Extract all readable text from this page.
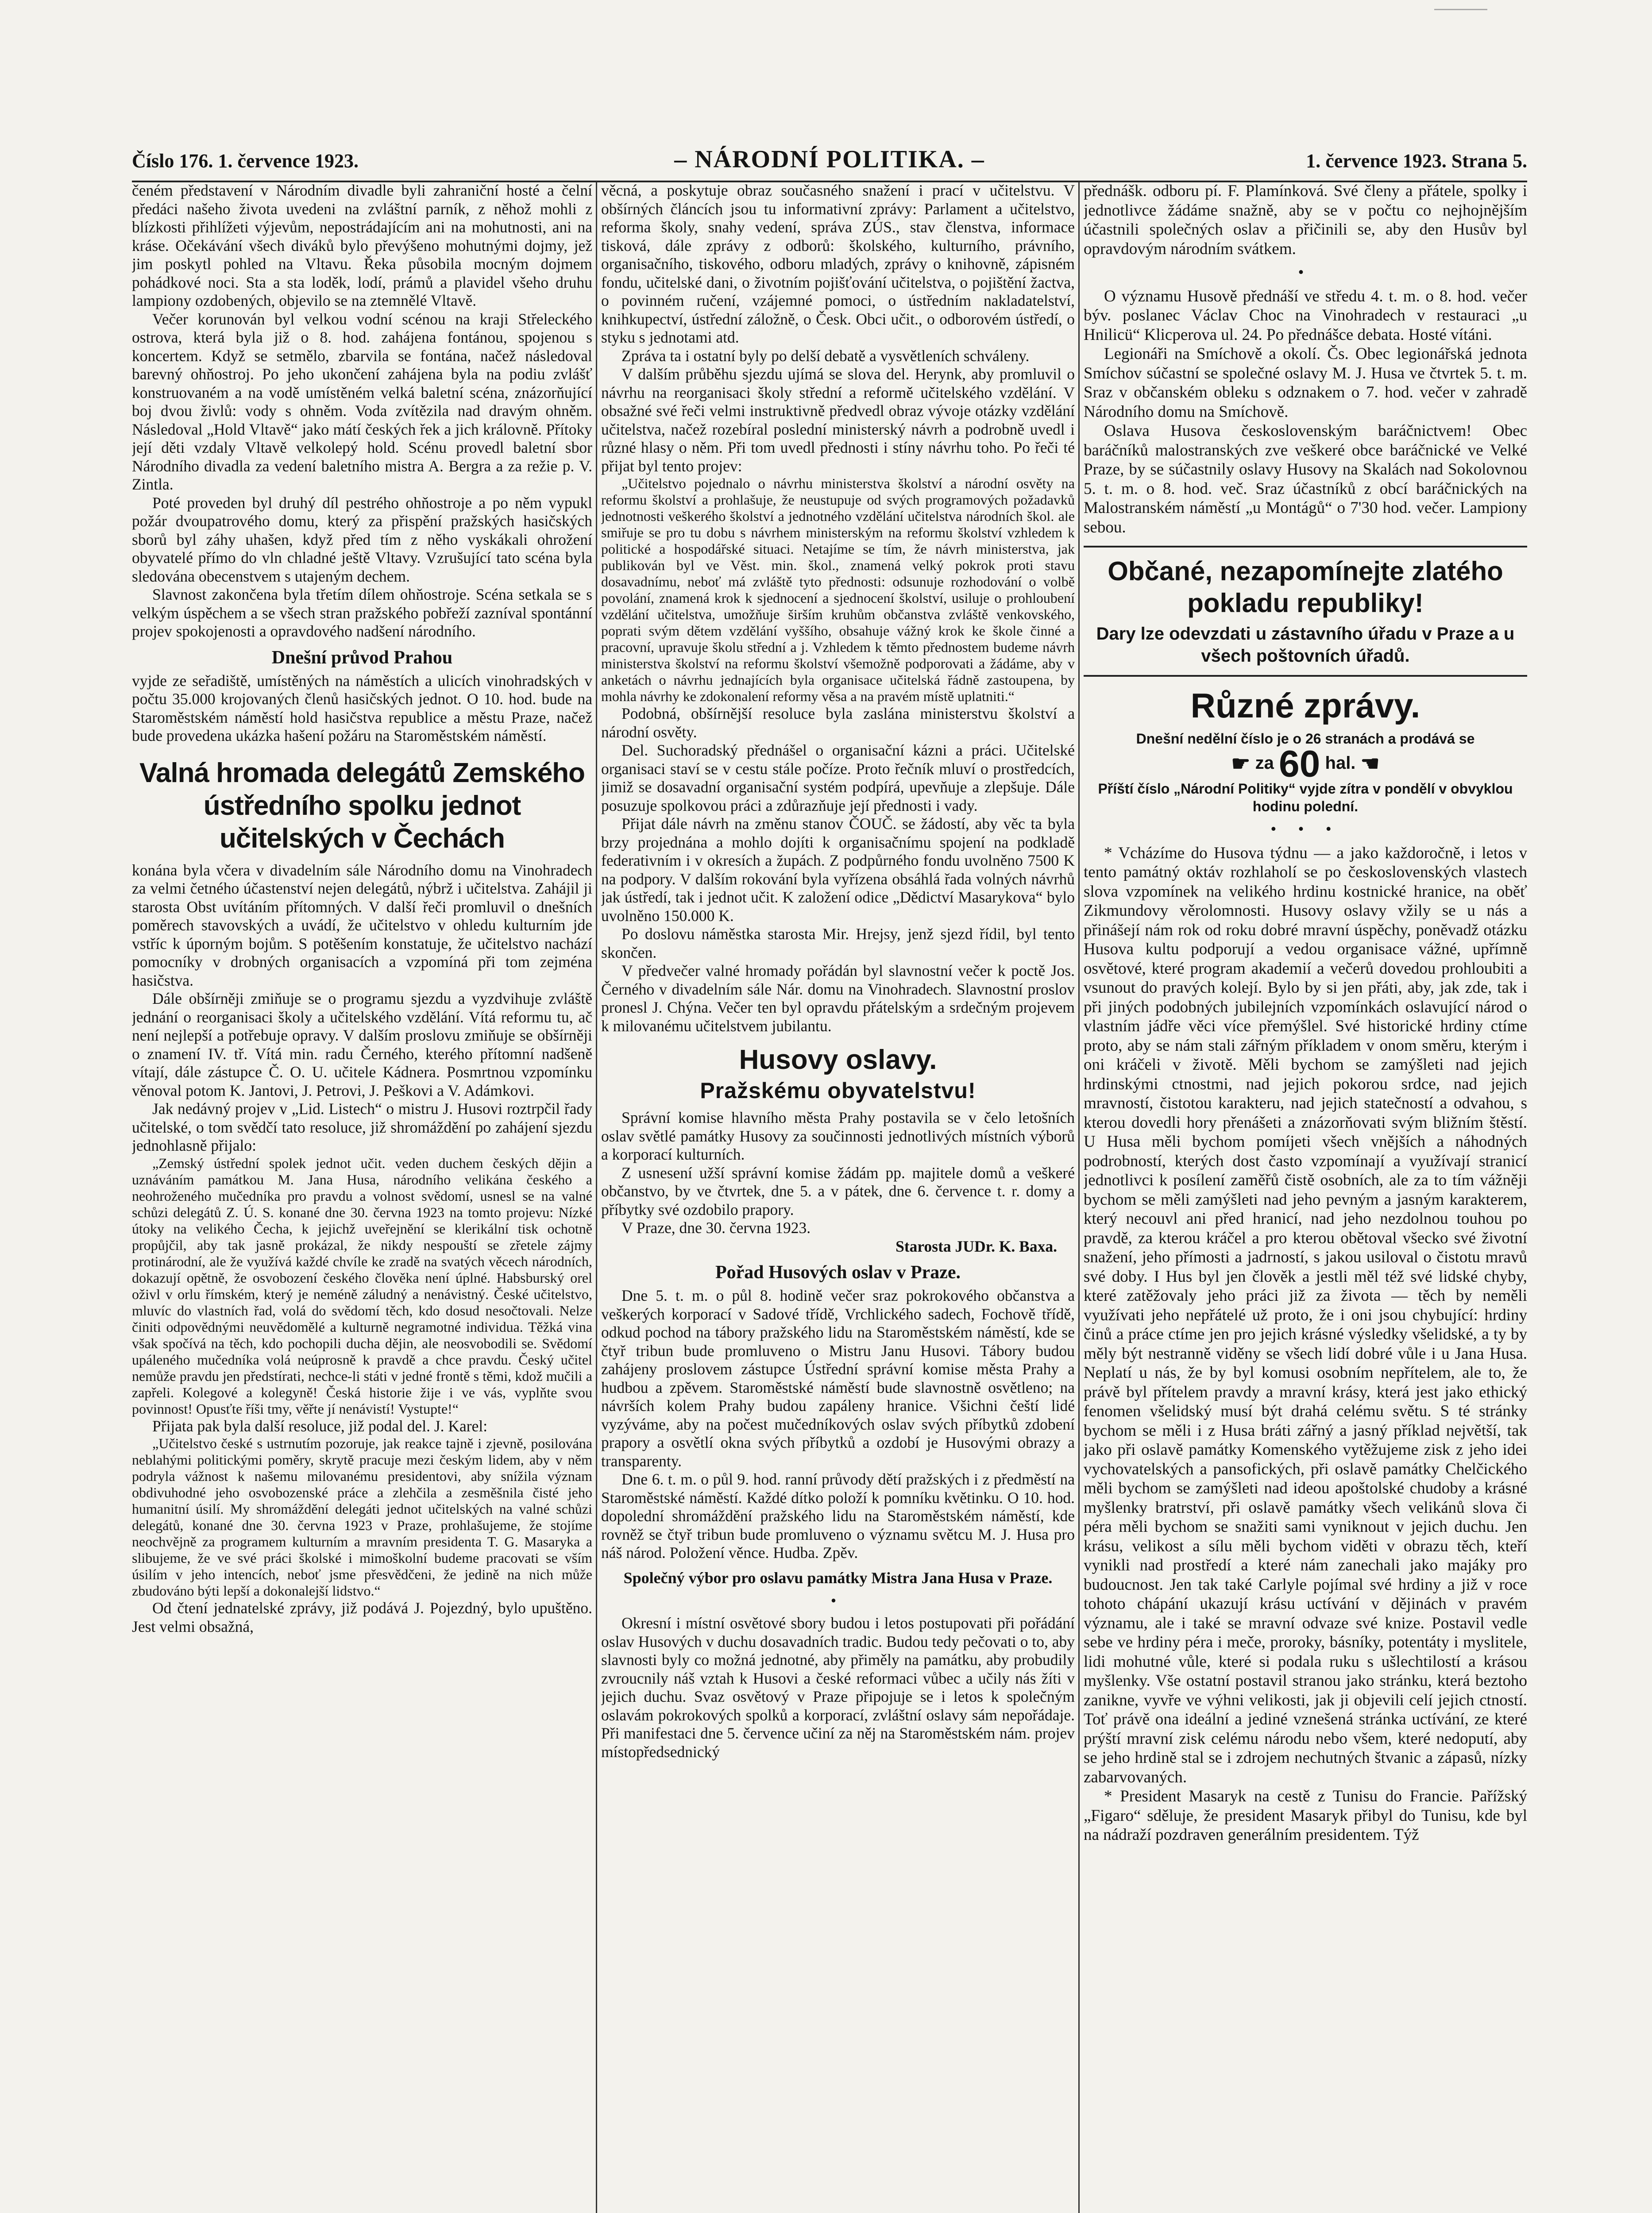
Číslo 176. 1. července 1923.	– NÁRODNÍ POLITIKA. –	1. července 1923. Strana 5.

čeném představení v Národním divadle byli zahraniční hosté a čelní předáci našeho života uvedeni na zvláštní parník, z něhož mohli z blízkosti přihlížeti výjevům, nepostrádajícím ani na mohutnosti, ani na kráse. Očekávání všech diváků bylo převýšeno mohutnými dojmy, jež jim poskytl pohled na Vltavu. Řeka působila mocným dojmem pohádkové noci. Sta a sta loděk, lodí, prámů a plavidel všeho druhu lampiony ozdobených, objevilo se na ztemnělé Vltavě.

Večer korunován byl velkou vodní scénou na kraji Střeleckého ostrova, která byla již o 8. hod. zahájena fontánou, spojenou s koncertem. Když se setmělo, zbarvila se fontána, načež následoval barevný ohňostroj. Po jeho ukončení zahájena byla na podiu zvlášť konstruovaném a na vodě umístěném velká baletní scéna, znázorňující boj dvou živlů: vody s ohněm. Voda zvítězila nad dravým ohněm. Následoval „Hold Vltavě“ jako mátí českých řek a jich královně. Přítoky její děti vzdaly Vltavě velkolepý hold. Scénu provedl baletní sbor Národního divadla za vedení baletního mistra A. Bergra a za režie p. V. Zintla.

Poté proveden byl druhý díl pestrého ohňostroje a po něm vypukl požár dvoupatrového domu, který za přispění pražských hasičských sborů byl záhy uhašen, když před tím z něho vyskákali ohrožení obyvatelé přímo do vln chladné ještě Vltavy. Vzrušující tato scéna byla sledována obecenstvem s utajeným dechem.

Slavnost zakončena byla třetím dílem ohňostroje. Scéna setkala se s velkým úspěchem a se všech stran pražského pobřeží zazníval spontánní projev spokojenosti a opravdového nadšení národního.

Dnešní průvod Prahou

vyjde ze seřadiště, umístěných na náměstích a ulicích vinohradských v počtu 35.000 krojovaných členů hasičských jednot. O 10. hod. bude na Staroměstském náměstí hold hasičstva republice a městu Praze, načež bude provedena ukázka hašení požáru na Staroměstském náměstí.

Valná hromada delegátů Zemského ústředního spolku jednot učitelských v Čechách

konána byla včera v divadelním sále Národního domu na Vinohradech za velmi četného účastenství nejen delegátů, nýbrž i učitelstva. Zahájil ji starosta Obst uvítáním přítomných. V další řeči promluvil o dnešních poměrech stavovských a uvádí, že učitelstvo v ohledu kulturním jde vstříc k úporným bojům. S potěšením konstatuje, že učitelstvo nachází pomocníky v drobných organisacích a vzpomíná při tom zejména hasičstva.

Dále obšírněji zmiňuje se o programu sjezdu a vyzdvihuje zvláště jednání o reorganisaci školy a učitelského vzdělání. Vítá reformu tu, ač není nejlepší a potřebuje opravy. V dalším proslovu zmiňuje se obšírněji o znamení IV. tř. Vítá min. radu Černého, kterého přítomní nadšeně vítají, dále zástupce Č. O. U. učitele Kádnera. Posmrtnou vzpomínku věnoval potom K. Jantovi, J. Petrovi, J. Peškovi a V. Adámkovi.

Jak nedávný projev v „Lid. Listech“ o mistru J. Husovi roztrpčil řady učitelské, o tom svědčí tato resoluce, již shromáždění po zahájení sjezdu jednohlasně přijalo:

„Zemský ústřední spolek jednot učit. veden duchem českých dějin a uznáváním památkou M. Jana Husa, národního velikána českého a neohroženého mučedníka pro pravdu a volnost svědomí, usnesl se na valné schůzi delegátů Z. Ú. S. konané dne 30. června 1923 na tomto projevu: Nízké útoky na velikého Čecha, k jejichž uveřejnění se klerikální tisk ochotně propůjčil, aby tak jasně prokázal, že nikdy nespouští se zřetele zájmy protinárodní, ale že využívá každé chvíle ke zradě na svatých věcech národních, dokazují opětně, že osvobození českého člověka není úplné. Habsburský orel oživl v orlu římském, který je neméně záludný a nenávistný. České učitelstvo, mluvíc do vlastních řad, volá do svědomí těch, kdo dosud nesočtovali. Nelze činiti odpovědnými neuvědomělé a kulturně negramotné individua. Těžká vina však spočívá na těch, kdo pochopili ducha dějin, ale neosvobodili se. Svědomí upáleného mučedníka volá neúprosně k pravdě a chce pravdu. Český učitel nemůže pravdu jen předstírati, nechce-li státi v jedné frontě s těmi, kdož mučili a zapřeli. Kolegové a kolegyně! Česká historie žije i ve vás, vyplňte svou povinnost! Opusťte říši tmy, věřte jí nenávistí! Vystupte!“

Přijata pak byla další resoluce, již podal del. J. Karel:

„Učitelstvo české s ustrnutím pozoruje, jak reakce tajně i zjevně, posilována neblahými politickými poměry, skrytě pracuje mezi českým lidem, aby v něm podryla vážnost k našemu milovanému presidentovi, aby snížila význam obdivuhodné jeho osvobozenské práce a zlehčila a zesměšnila čisté jeho humanitní úsilí. My shromáždění delegáti jednot učitelských na valné schůzi delegátů, konané dne 30. června 1923 v Praze, prohlašujeme, že stojíme neochvějně za programem kulturním a mravním presidenta T. G. Masaryka a slibujeme, že ve své práci školské i mimoškolní budeme pracovati se vším úsilím v jeho intencích, neboť jsme přesvědčeni, že jedině na nich může zbudováno býti lepší a dokonalejší lidstvo.“

Od čtení jednatelské zprávy, již podává J. Pojezdný, bylo upuštěno. Jest velmi obsažná,

věcná, a poskytuje obraz současného snažení i prací v učitelstvu. V obšírných článcích jsou tu informativní zprávy: Parlament a učitelstvo, reforma školy, snahy vedení, správa ZÚS., stav členstva, informace tisková, dále zprávy z odborů: školského, kulturního, právního, organisačního, tiskového, odboru mladých, zprávy o knihovně, zápisném fondu, učitelské dani, o životním pojišťování učitelstva, o pojištění žactva, o povinném ručení, vzájemné pomoci, o ústředním nakladatelství, knihkupectví, ústřední záložně, o Česk. Obci učit., o odborovém ústředí, o styku s jednotami atd.

Zpráva ta i ostatní byly po delší debatě a vysvětleních schváleny.

V dalším průběhu sjezdu ujímá se slova del. Herynk, aby promluvil o návrhu na reorganisaci školy střední a reformě učitelského vzdělání. V obsažné své řeči velmi instruktivně předvedl obraz vývoje otázky vzdělání učitelstva, načež rozebíral poslední ministerský návrh a podrobně uvedl i různé hlasy o něm. Při tom uvedl přednosti i stíny návrhu toho. Po řeči té přijat byl tento projev:

„Učitelstvo pojednalo o návrhu ministerstva školství a národní osvěty na reformu školství a prohlašuje, že neustupuje od svých programových požadavků jednotnosti veškerého školství a jednotného vzdělání učitelstva národních škol. ale smiřuje se pro tu dobu s návrhem ministerským na reformu školství vzhledem k politické a hospodářské situaci. Netajíme se tím, že návrh ministerstva, jak publikován byl ve Věst. min. škol., znamená velký pokrok proti stavu dosavadnímu, neboť má zvláště tyto přednosti: odsunuje rozhodování o volbě povolání, znamená krok k sjednocení a sjednocení školství, usiluje o prohloubení vzdělání učitelstva, umožňuje širším kruhům občanstva zvláště venkovského, poprati svým dětem vzdělání vyššího, obsahuje vážný krok ke škole činné a pracovní, upravuje školu střední a j. Vzhledem k těmto přednostem budeme návrh ministerstva školství na reformu školství všemožně podporovati a žádáme, aby v anketách o návrhu jednajících byla organisace učitelská řádně zastoupena, by mohla návrhy ke zdokonalení reformy věsa a na pravém místě uplatniti.“

Podobná, obšírnější resoluce byla zaslána ministerstvu školství a národní osvěty.

Del. Suchoradský přednášel o organisační kázni a práci. Učitelské organisaci staví se v cestu stále počíze. Proto řečník mluví o prostředcích, jimiž se dosavadní organisační systém podpírá, upevňuje a zlepšuje. Dále posuzuje spolkovou práci a zdůrazňuje její přednosti i vady.

Přijat dále návrh na změnu stanov ČOUČ. se žádostí, aby věc ta byla brzy projednána a mohlo dojíti k organisačnímu spojení na podkladě federativním i v okresích a župách. Z podpůrného fondu uvolněno 7500 K na podpory. V dalším rokování byla vyřízena obsáhlá řada volných návrhů jak ústředí, tak i jednot učit. K založení odice „Dědictví Masarykova“ bylo uvolněno 150.000 K.

Po doslovu náměstka starosta Mir. Hrejsy, jenž sjezd řídil, byl tento skončen.

V předvečer valné hromady pořádán byl slavnostní večer k poctě Jos. Černého v divadelním sále Nár. domu na Vinohradech. Slavnostní proslov pronesl J. Chýna. Večer ten byl opravdu přátelským a srdečným projevem k milovanému učitelstvem jubilantu.

Husovy oslavy.
Pražskému obyvatelstvu!

Správní komise hlavního města Prahy postavila se v čelo letošních oslav světlé památky Husovy za součinnosti jednotlivých místních výborů a korporací kulturních.

Z usnesení užší správní komise žádám pp. majitele domů a veškeré občanstvo, by ve čtvrtek, dne 5. a v pátek, dne 6. července t. r. domy a příbytky své ozdobilo prapory.

V Praze, dne 30. června 1923.

Starosta JUDr. K. Baxa.

Pořad Husových oslav v Praze.

Dne 5. t. m. o půl 8. hodině večer sraz pokrokového občanstva a veškerých korporací v Sadové třídě, Vrchlického sadech, Fochově třídě, odkud pochod na tábory pražského lidu na Staroměstském náměstí, kde se čtyř tribun bude promluveno o Mistru Janu Husovi. Tábory budou zahájeny proslovem zástupce Ústřední správní komise města Prahy a hudbou a zpěvem. Staroměstské náměstí bude slavnostně osvětleno; na návrších kolem Prahy budou zapáleny hranice. Všichni čeští lidé vyzýváme, aby na počest mučedníkových oslav svých příbytků zdobení prapory a osvětlí okna svých příbytků a ozdobí je Husovými obrazy a transparenty.

Dne 6. t. m. o půl 9. hod. ranní průvody dětí pražských i z předměstí na Staroměstské náměstí. Každé dítko položí k pomníku květinku. O 10. hod. dopolední shromáždění pražského lidu na Staroměstském náměstí, kde rovněž se čtyř tribun bude promluveno o významu světcu M. J. Husa pro náš národ. Položení věnce. Hudba. Zpěv.

Společný výbor pro oslavu památky Mistra Jana Husa v Praze.
•

Okresní i místní osvětové sbory budou i letos postupovati při pořádání oslav Husových v duchu dosavadních tradic. Budou tedy pečovati o to, aby slavnosti byly co možná jednotné, aby přiměly na památku, aby probudily zvroucnily náš vztah k Husovi a české reformaci vůbec a učily nás žíti v jejich duchu. Svaz osvětový v Praze připojuje se i letos k společným oslavám pokrokových spolků a korporací, zvláštní oslavy sám nepořádaje. Při manifestaci dne 5. července učiní za něj na Staroměstském nám. projev místopředsednický

přednášk. odboru pí. F. Plamínková. Své členy a přátele, spolky i jednotlivce žádáme snažně, aby se v počtu co nejhojnějším účastnili společných oslav a přičinili se, aby den Husův byl opravdovým národním svátkem.

•

O významu Husově přednáší ve středu 4. t. m. o 8. hod. večer býv. poslanec Václav Choc na Vinohradech v restauraci „u Hnilicü“ Klicperova ul. 24. Po přednášce debata. Hosté vítáni.

Legionáři na Smíchově a okolí. Čs. Obec legionářská jednota Smíchov súčastní se společné oslavy M. J. Husa ve čtvrtek 5. t. m. Sraz v občanském obleku s odznakem o 7. hod. večer v zahradě Národního domu na Smíchově.

Oslava Husova československým baráčnictvem! Obec baráčníků malostranských zve veškeré obce baráčnické ve Velké Praze, by se súčastnily oslavy Husovy na Skalách nad Sokolovnou 5. t. m. o 8. hod. več. Sraz účastníků z obcí baráčnických na Malostranském náměstí „u Montágů“ o 7'30 hod. večer. Lampiony sebou.

Občané, nezapomínejte zlatého pokladu republiky!
Dary lze odevzdati u zástavního úřadu v Praze a u všech poštovních úřadů.
Různé zprávy.
Dnešní nedělní číslo je o 26 stranách a prodává se
☛ za 60 hal. ☚
Příští číslo „Národní Politiky“ vyjde zítra v pondělí v obvyklou hodinu polední.
• • •

* Vcházíme do Husova týdnu — a jako každoročně, i letos v tento památný oktáv rozhlaholí se po československých vlastech slova vzpomínek na velikého hrdinu kostnické hranice, na oběť Zikmundovy věrolomnosti. Husovy oslavy vžily se u nás a přinášejí nám rok od roku dobré mravní úspěchy, poněvadž otázku Husova kultu podporují a vedou organisace vážné, upřímně osvětové, které program akademií a večerů dovedou prohloubiti a vsunout do pravých kolejí. Bylo by si jen přáti, aby, jak zde, tak i při jiných podobných jubilejních vzpomínkách oslavující národ o vlastním jádře věci více přemýšlel. Své historické hrdiny ctíme proto, aby se nám stali zářným příkladem v onom směru, kterým i oni kráčeli v životě. Měli bychom se zamýšleti nad jejich hrdinskými ctnostmi, nad jejich pokorou srdce, nad jejich mravností, čistotou karakteru, nad jejich statečností a odvahou, s kterou dovedli hory přenášeti a znázorňovati svým bližním štěstí. U Husa měli bychom pomíjeti všech vnějších a náhodných podrobností, kterých dost často vzpomínají a využívají stranicí jednotlivci k posílení zaměřů čistě osobních, ale za to tím vážněji bychom se měli zamýšleti nad jeho pevným a jasným karakterem, který necouvl ani před hranicí, nad jeho nezdolnou touhou po pravdě, za kterou kráčel a pro kterou obětoval všecko své životní snažení, jeho přímosti a jadrností, s jakou usiloval o čistotu mravů své doby. I Hus byl jen člověk a jestli měl též své lidské chyby, které zatěžovaly jeho práci již za života — těch by neměli využívati jeho nepřátelé už proto, že i oni jsou chybující: hrdiny činů a práce ctíme jen pro jejich krásné výsledky všelidské, a ty by měly být nestranně viděny se všech lidí dobré vůle i u Jana Husa. Neplatí u nás, že by byl komusi osobním nepřítelem, ale to, že právě byl přítelem pravdy a mravní krásy, která jest jako ethický fenomen všelidský musí být drahá celému světu. S té stránky bychom se měli i z Husa bráti zářný a jasný příklad největší, tak jako při oslavě památky Komenského vytěžujeme zisk z jeho idei vychovatelských a pansofických, při oslavě památky Chelčického měli bychom se zamýšleti nad ideou apoštolské chudoby a krásné myšlenky bratrství, při oslavě památky všech velikánů slova či péra měli bychom se snažiti sami vyniknout v jejich duchu. Jen krásu, velikost a sílu měli bychom viděti v obrazu těch, kteří vynikli nad prostředí a které nám zanechali jako majáky pro budoucnost. Jen tak také Carlyle pojímal své hrdiny a již v roce tohoto chápání ukazují krásu uctívání v dějinách v pravém významu, ale i také se mravní odvaze své knize. Postavil vedle sebe ve hrdiny péra i meče, proroky, básníky, potentáty i myslitele, lidi mohutné vůle, které si podala ruku s ušlechtilostí a krásou myšlenky. Vše ostatní postavil stranou jako stránku, která beztoho zanikne, vyvře ve výhni velikosti, jak ji objevili celí jejich ctností. Toť právě ona ideální a jediné vznešená stránka uctívání, ze které prýští mravní zisk celému národu nebo všem, které nedoputí, aby se jeho hrdině stal se i zdrojem nechutných štvanic a zápasů, nízky zabarvovaných.

* President Masaryk na cestě z Tunisu do Francie. Pařížský „Figaro“ sděluje, že president Masaryk přibyl do Tunisu, kde byl na nádraží pozdraven generálním presidentem. Týž
